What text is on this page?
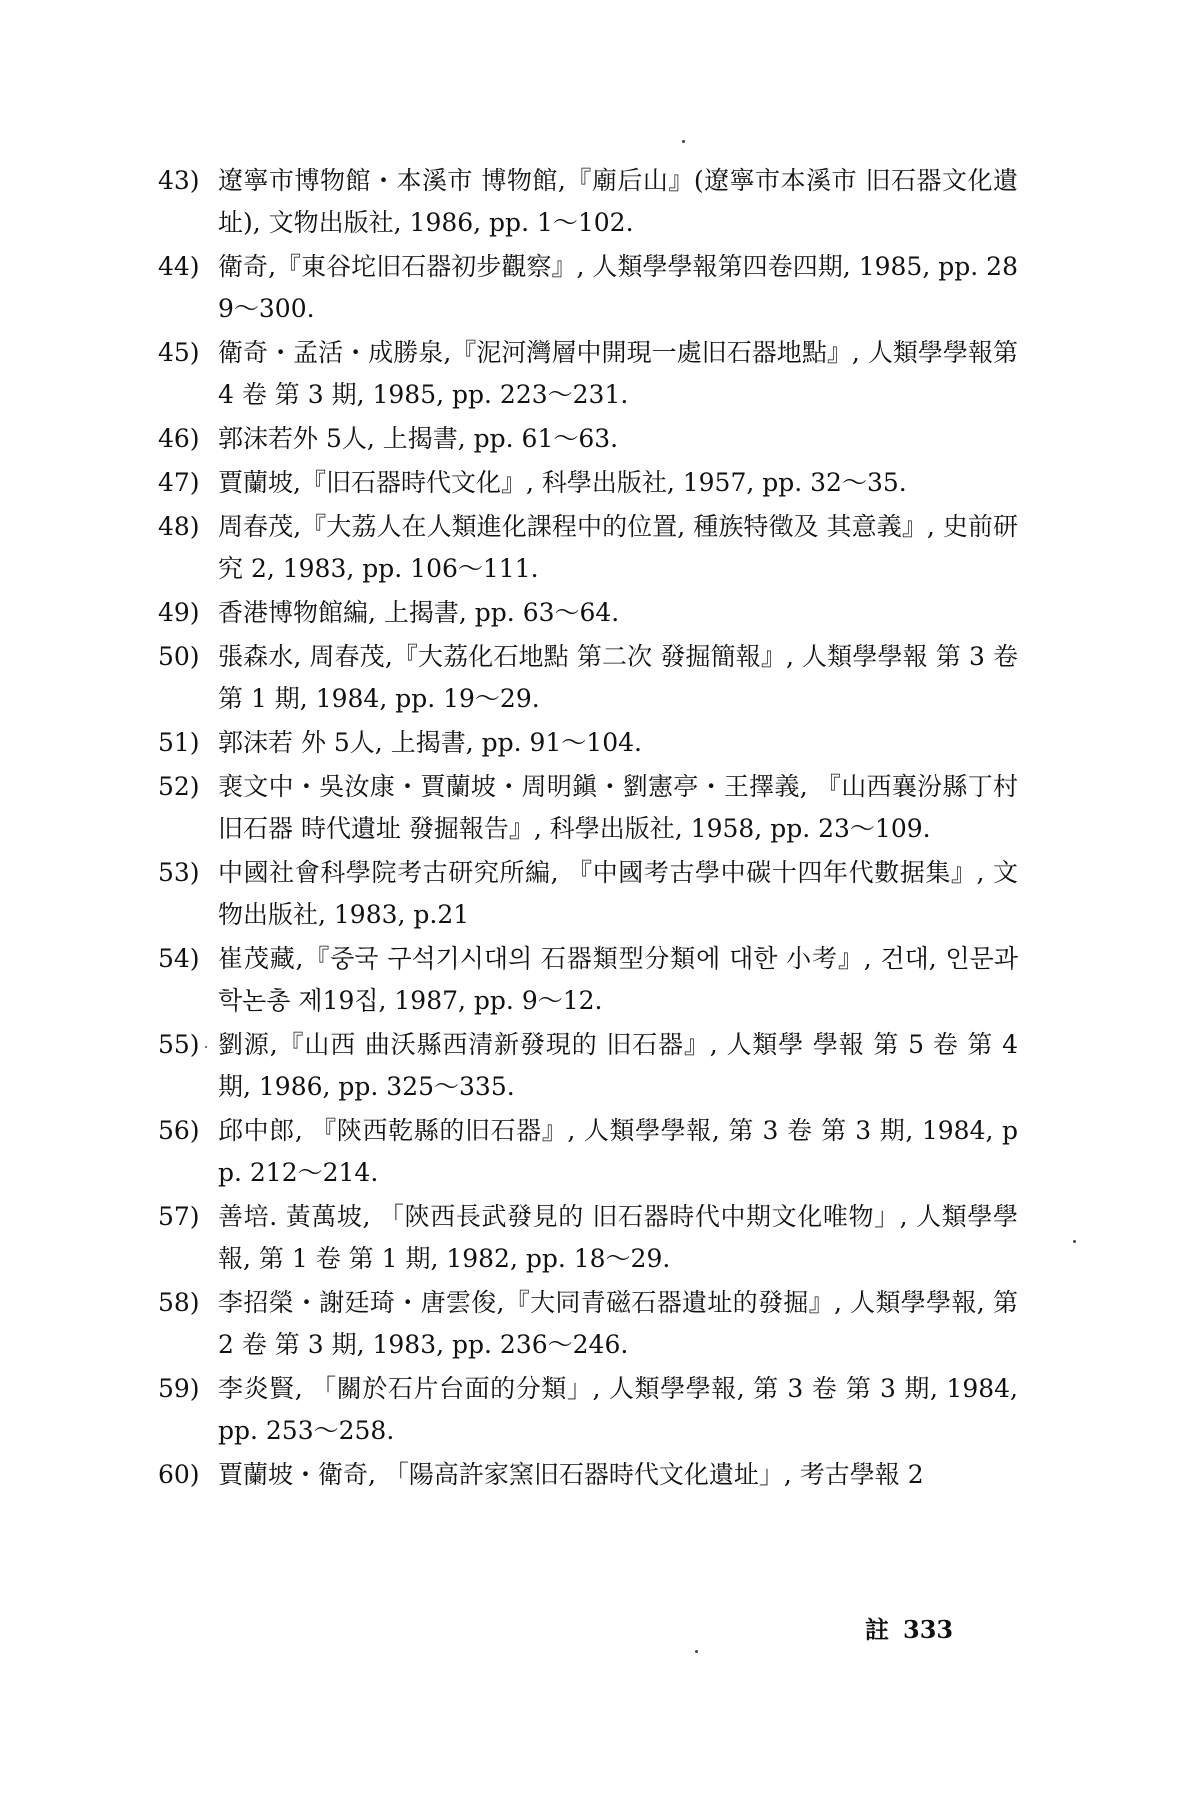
43) 遼寧市博物館・本溪市 博物館,『廟后山』(遼寧市本溪市 旧石器文化遺址), 文物出版社, 1986, pp. 1～102.
44) 衛奇,『東谷坨旧石器初步觀察』, 人類學學報第四卷四期, 1985, pp. 289～300.
45) 衛奇・孟活・成勝泉,『泥河灣層中開現一處旧石器地點』, 人類學學報第 4 卷 第 3 期, 1985, pp. 223～231.
46) 郭沫若外 5人, 上揭書, pp. 61～63.
47) 賈蘭坡,『旧石器時代文化』, 科學出版社, 1957, pp. 32～35.
48) 周春茂,『大荔人在人類進化課程中的位置, 種族特徵及 其意義』, 史前研究 2, 1983, pp. 106～111.
49) 香港博物館編, 上揭書, pp. 63～64.
50) 張森水, 周春茂,『大荔化石地點 第二次 發掘簡報』, 人類學學報 第 3 卷 第 1 期, 1984, pp. 19～29.
51) 郭沫若 外 5人, 上揭書, pp. 91～104.
52) 裵文中・吳汝康・賈蘭坡・周明鎭・劉憲亭・王擇義, 『山西襄汾縣丁村 旧石器 時代遺址 發掘報告』, 科學出版社, 1958, pp. 23～109.
53) 中國社會科學院考古研究所編, 『中國考古學中碳十四年代數据集』, 文物出版社, 1983, p.21
54) 崔茂藏,『중국 구석기시대의 石器類型分類에 대한 小考』, 건대, 인문과학논총 제19집, 1987, pp. 9～12.
55) 劉源,『山西 曲沃縣西清新發現的 旧石器』, 人類學 學報 第 5 卷 第 4 期, 1986, pp. 325～335.
56) 邱中郎, 『陝西乾縣的旧石器』, 人類學學報, 第 3 卷 第 3 期, 1984, pp. 212～214.
57) 善培. 黃萬坡, 「陝西長武發見的 旧石器時代中期文化唯物」, 人類學學報, 第 1 卷 第 1 期, 1982, pp. 18～29.
58) 李招榮・謝廷琦・唐雲俊,『大同青磁石器遺址的發掘』, 人類學學報, 第 2 卷 第 3 期, 1983, pp. 236～246.
59) 李炎賢, 「關於石片台面的分類」, 人類學學報, 第 3 卷 第 3 期, 1984, pp. 253～258.
60) 賈蘭坡・衛奇, 「陽高許家窯旧石器時代文化遺址」, 考古學報 2
註 333
